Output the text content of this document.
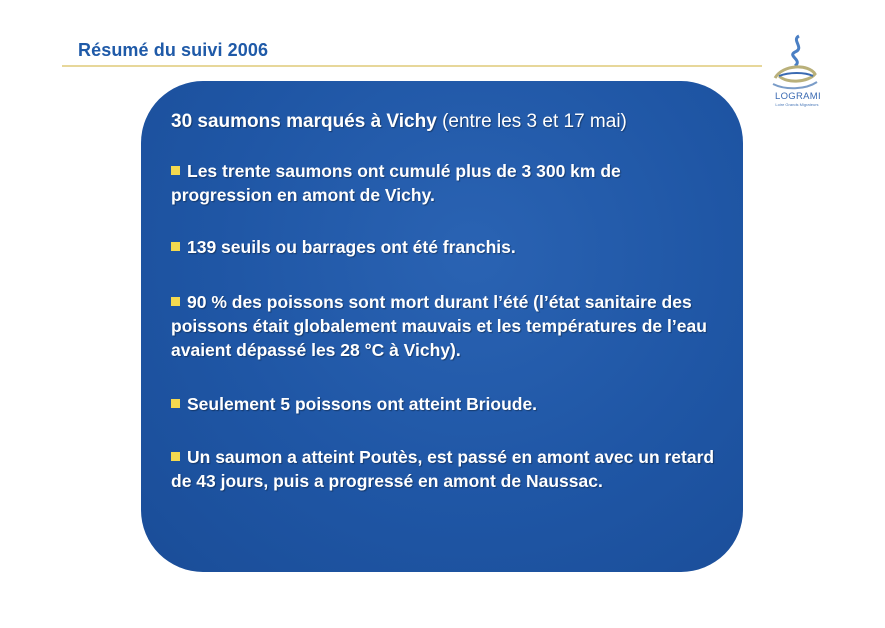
Résumé du suivi 2006
LOGRAMI
Loire Grands Migrateurs
30 saumons marqués à Vichy (entre les 3 et 17 mai)
Les trente saumons ont cumulé plus de 3 300 km de progression en amont de Vichy.
139 seuils ou barrages ont été franchis.
90 % des poissons sont mort durant l’été (l’état sanitaire des poissons était globalement mauvais et les températures de l’eau avaient dépassé les 28 °C à Vichy).
Seulement 5 poissons ont atteint Brioude.
Un saumon a atteint Poutès, est passé en amont avec un retard de 43 jours, puis a progressé en amont de Naussac.
